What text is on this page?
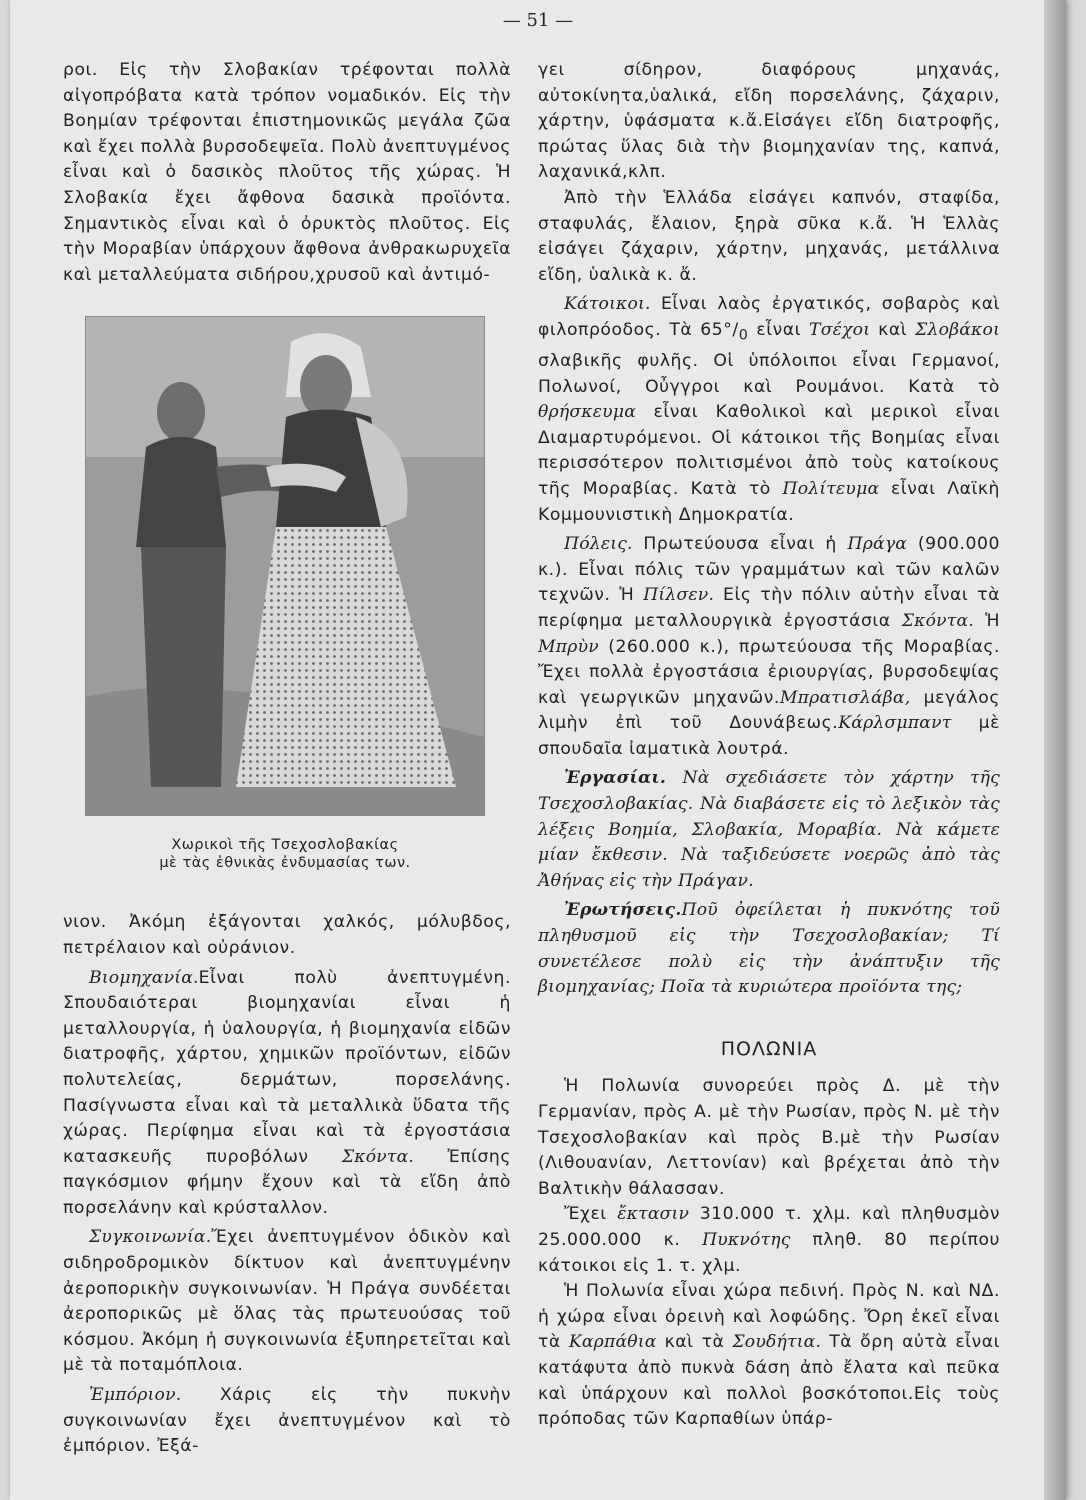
— 51 —

ροι. Εἰς τὴν Σλοβακίαν τρέφονται πολλὰ αἰγοπρόβατα κατὰ τρόπον νομαδικόν. Εἰς τὴν Βοημίαν τρέφονται ἐπιστημονικῶς μεγάλα ζῶα καὶ ἔχει πολλὰ βυρσοδεψεῖα. Πολὺ ἀνεπτυγμένος εἶναι καὶ ὁ δασικὸς πλοῦτος τῆς χώρας. Ἡ Σλοβακία ἔχει ἄφθονα δασικὰ προϊόντα. Σημαντικὸς εἶναι καὶ ὁ ὀρυκτὸς πλοῦτος. Εἰς τὴν Μοραβίαν ὑπάρχουν ἄφθονα ἀνθρακωρυχεῖα καὶ μεταλλεύματα σιδήρου,χρυσοῦ καὶ ἀντιμό-

Χωρικοὶ τῆς Τσεχοσλοβακίας
μὲ τὰς ἐθνικὰς ἐνδυμασίας των.

νιον. Ἀκόμη ἐξάγονται χαλκός, μόλυβδος, πετρέλαιον καὶ οὐράνιον.

Βιομηχανία.Εἶναι πολὺ ἀνεπτυγμένη. Σπουδαιότεραι βιομηχανίαι εἶναι ἡ μεταλλουργία, ἡ ὑαλουργία, ἡ βιομηχανία εἰδῶν διατροφῆς, χάρτου, χημικῶν προϊόντων, εἰδῶν πολυτελείας, δερμάτων, πορσελάνης. Πασίγνωστα εἶναι καὶ τὰ μεταλλικὰ ὕδατα τῆς χώρας. Περίφημα εἶναι καὶ τὰ ἐργοστάσια κατασκευῆς πυροβόλων Σκόντα. Ἐπίσης παγκόσμιον φήμην ἔχουν καὶ τὰ εἴδη ἀπὸ πορσελάνην καὶ κρύσταλλον.

Συγκοινωνία.Ἔχει ἀνεπτυγμένον ὁδικὸν καὶ σιδηροδρομικὸν δίκτυον καὶ ἀνεπτυγμένην ἀεροπορικὴν συγκοινωνίαν. Ἡ Πράγα συνδέεται ἀεροπορικῶς μὲ ὅλας τὰς πρωτευούσας τοῦ κόσμου. Ἀκόμη ἡ συγκοινωνία ἐξυπηρετεῖται καὶ μὲ τὰ ποταμόπλοια.

Ἐμπόριον. Χάρις εἰς τὴν πυκνὴν συγκοινωνίαν ἔχει ἀνεπτυγμένον καὶ τὸ ἐμπόριον. Ἐξά-

γει σίδηρον, διαφόρους μηχανάς, αὐτοκίνητα,ὑαλικά, εἴδη πορσελάνης, ζάχαριν, χάρτην, ὑφάσματα κ.ἄ.Εἰσάγει εἴδη διατροφῆς, πρώτας ὕλας διὰ τὴν βιομηχανίαν της, καπνά, λαχανικά,κλπ.

Ἀπὸ τὴν Ἑλλάδα εἰσάγει καπνόν, σταφίδα, σταφυλάς, ἔλαιον, ξηρὰ σῦκα κ.ἄ. Ἡ Ἑλλὰς εἰσάγει ζάχαριν, χάρτην, μηχανάς, μετάλλινα εἴδη, ὑαλικὰ κ. ἄ.

Κάτοικοι. Εἶναι λαὸς ἐργατικός, σοβαρὸς καὶ φιλοπρόοδος. Τὰ $65^\circ/_0$ εἶναι Τσέχοι καὶ Σλοβάκοι σλαβικῆς φυλῆς. Οἱ ὑπόλοιποι εἶναι Γερμανοί, Πολωνοί, Οὖγγροι καὶ Ρουμάνοι. Κατὰ τὸ θρήσκευμα εἶναι Καθολικοὶ καὶ μερικοὶ εἶναι Διαμαρτυρόμενοι. Οἱ κάτοικοι τῆς Βοημίας εἶναι περισσότερον πολιτισμένοι ἀπὸ τοὺς κατοίκους τῆς Μοραβίας. Κατὰ τὸ Πολίτευμα εἶναι Λαϊκὴ Κομμουνιστικὴ Δημοκρατία.

Πόλεις. Πρωτεύουσα εἶναι ἡ Πράγα (900.000 κ.). Εἶναι πόλις τῶν γραμμάτων καὶ τῶν καλῶν τεχνῶν. Ἡ Πίλσεν. Εἰς τὴν πόλιν αὐτὴν εἶναι τὰ περίφημα μεταλλουργικὰ ἐργοστάσια Σκόντα. Ἡ Μπρὺν (260.000 κ.), πρωτεύουσα τῆς Μοραβίας. Ἔχει πολλὰ ἐργοστάσια ἐριουργίας, βυρσοδεψίας καὶ γεωργικῶν μηχανῶν.Μπρατισλάβα, μεγάλος λιμὴν ἐπὶ τοῦ Δουνάβεως.Κάρλσμπαντ μὲ σπουδαῖα ἰαματικὰ λουτρά.

Ἐργασίαι. Νὰ σχεδιάσετε τὸν χάρτην τῆς Τσεχοσλοβακίας. Νὰ διαβάσετε εἰς τὸ λεξικὸν τὰς λέξεις Βοημία, Σλοβακία, Μοραβία. Νὰ κάμετε μίαν ἔκθεσιν. Νὰ ταξιδεύσετε νοερῶς ἀπὸ τὰς Ἀθήνας εἰς τὴν Πράγαν.

Ἐρωτήσεις.Ποῦ ὀφείλεται ἡ πυκνότης τοῦ πληθυσμοῦ εἰς τὴν Τσεχοσλοβακίαν; Τί συνετέλεσε πολὺ εἰς τὴν ἀνάπτυξιν τῆς βιομηχανίας; Ποῖα τὰ κυριώτερα προϊόντα της;

ΠΟΛΩΝΙΑ

Ἡ Πολωνία συνορεύει πρὸς Δ. μὲ τὴν Γερμανίαν, πρὸς Α. μὲ τὴν Ρωσίαν, πρὸς Ν. μὲ τὴν Τσεχοσλοβακίαν καὶ πρὸς Β.μὲ τὴν Ρωσίαν (Λιθουανίαν, Λεττονίαν) καὶ βρέχεται ἀπὸ τὴν Βαλτικὴν θάλασσαν.

Ἔχει ἔκτασιν 310.000 τ. χλμ. καὶ πληθυσμὸν 25.000.000 κ. Πυκνότης πληθ. 80 περίπου κάτοικοι εἰς 1. τ. χλμ.

Ἡ Πολωνία εἶναι χώρα πεδινή. Πρὸς Ν. καὶ ΝΔ. ἡ χώρα εἶναι ὀρεινὴ καὶ λοφώδης. Ὄρη ἐκεῖ εἶναι τὰ Καρπάθια καὶ τὰ Σουδήτια. Τὰ ὄρη αὐτὰ εἶναι κατάφυτα ἀπὸ πυκνὰ δάση ἀπὸ ἔλατα καὶ πεῦκα καὶ ὑπάρχουν καὶ πολλοὶ βοσκότοποι.Εἰς τοὺς πρόποδας τῶν Καρπαθίων ὑπάρ-
